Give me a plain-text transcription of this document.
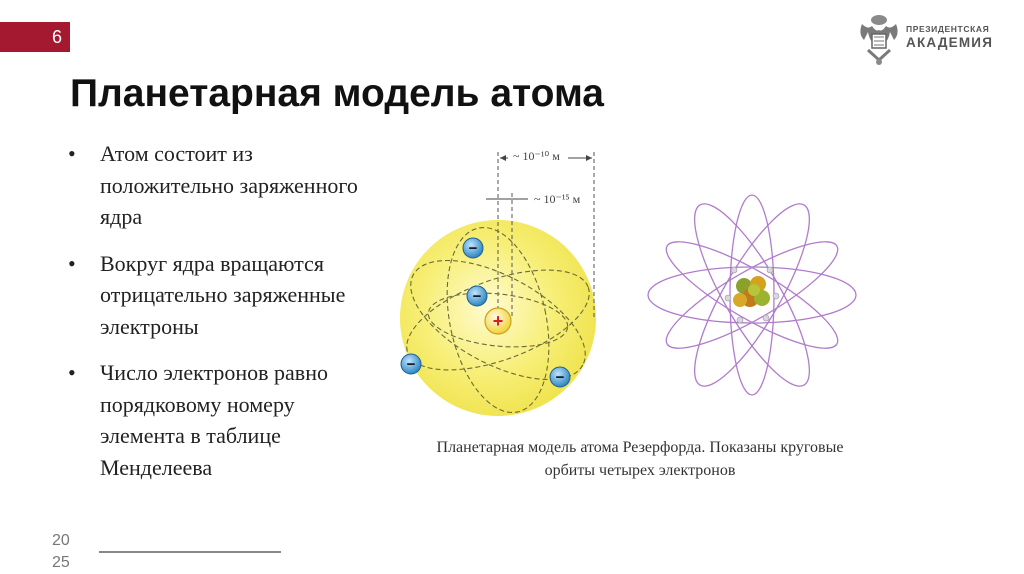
6	ПРЕЗИДЕНТСКАЯ
АКАДЕМИЯ
Планетарная модель атома
• Атом состоит из положительно заряженного ядра
• Вокруг ядра вращаются отрицательно заряженные электроны
• Число электронов равно порядковому номеру элемента в таблице Менделеева
~ 10⁻¹⁰ м
~ 10⁻¹⁵ м
+
−
−
−
−
Планетарная модель атома Резерфорда. Показаны круговые
орбиты четырех электронов
20
25
